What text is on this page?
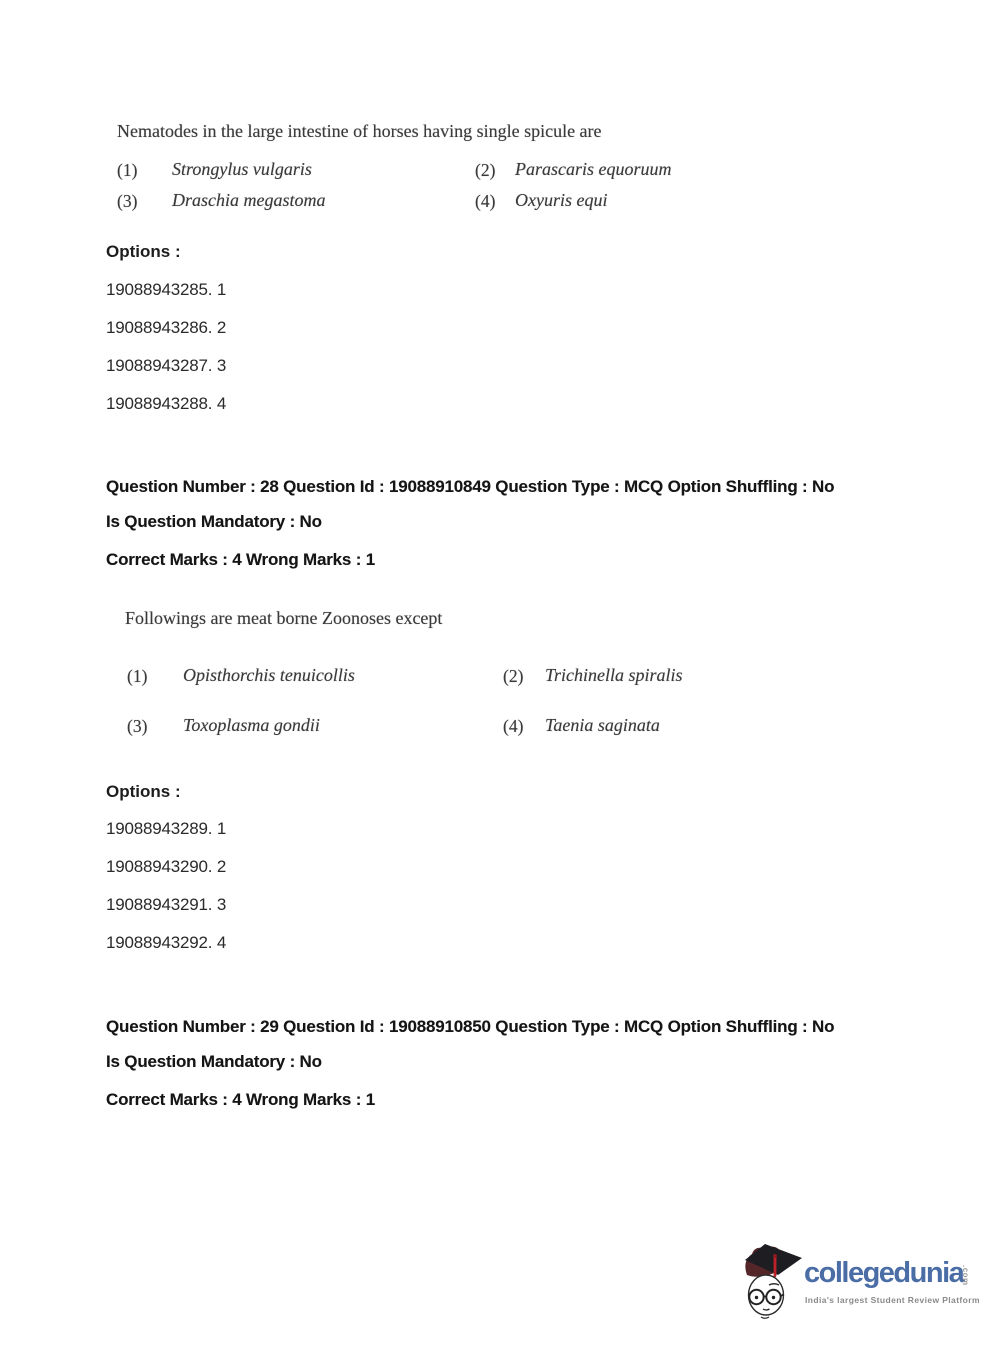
Nematodes in the large intestine of horses having single spicule are
(1) Strongylus vulgaris	(2) Parascaris equoruum
(3) Draschia megastoma	(4) Oxyuris equi
Options :
19088943285. 1
19088943286. 2
19088943287. 3
19088943288. 4
Question Number : 28 Question Id : 19088910849 Question Type : MCQ Option Shuffling : No
Is Question Mandatory : No
Correct Marks : 4 Wrong Marks : 1
Followings are meat borne Zoonoses except
(1) Opisthorchis tenuicollis	(2) Trichinella spiralis
(3) Toxoplasma gondii	(4) Taenia saginata
Options :
19088943289. 1
19088943290. 2
19088943291. 3
19088943292. 4
Question Number : 29 Question Id : 19088910850 Question Type : MCQ Option Shuffling : No
Is Question Mandatory : No
Correct Marks : 4 Wrong Marks : 1
collegedunia
.com
India's largest Student Review Platform
